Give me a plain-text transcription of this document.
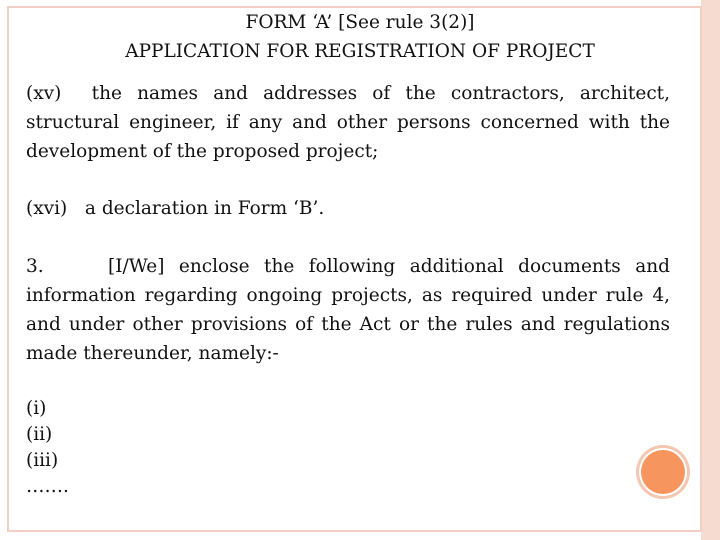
FORM ‘A’ [See rule 3(2)]
APPLICATION FOR REGISTRATION OF PROJECT

(xv) the names and addresses of the contractors, architect, structural engineer, if any and other persons concerned with the development of the proposed project;

(xvi) a declaration in Form ‘B’.

3.	[I/We] enclose the following additional documents and information regarding ongoing projects, as required under rule 4, and under other provisions of the Act or the rules and regulations made thereunder, namely:-

(i)
(ii)
(iii)
…….
